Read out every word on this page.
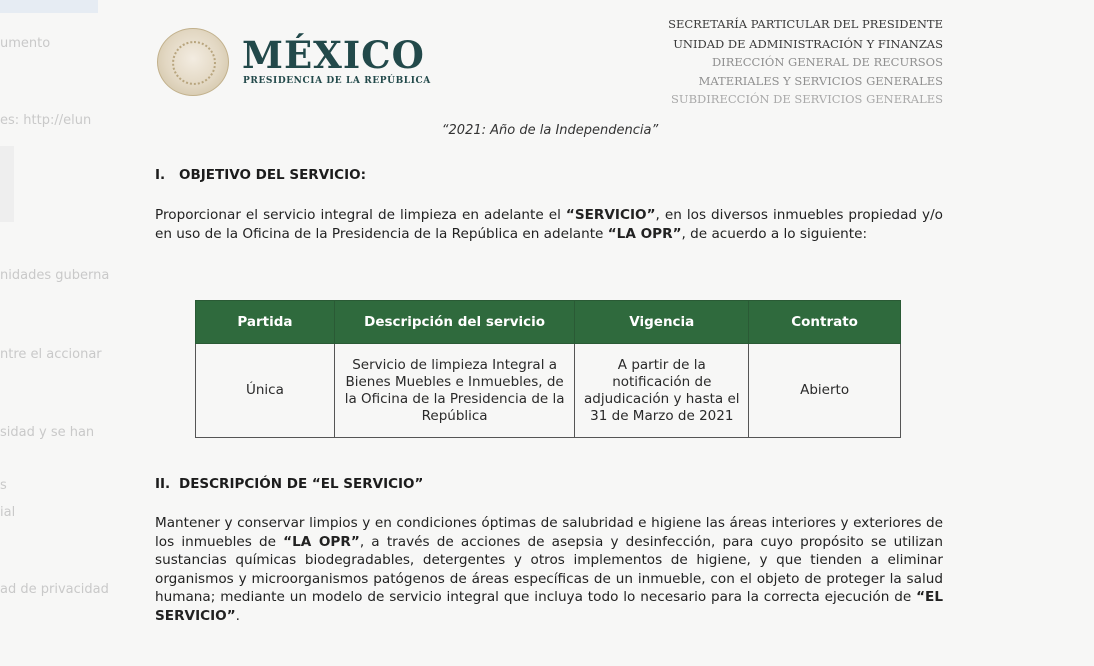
umento
es: http://elun
nidades guberna
ntre el accionar
sidad y se han
s
ial
ad de privacidad
MÉXICO
PRESIDENCIA DE LA REPÚBLICA
SECRETARÍA PARTICULAR DEL PRESIDENTE
UNIDAD DE ADMINISTRACIÓN Y FINANZAS
DIRECCIÓN GENERAL DE RECURSOS
MATERIALES Y SERVICIOS GENERALES
SUBDIRECCIÓN DE SERVICIOS GENERALES
“2021: Año de la Independencia”
I. OBJETIVO DEL SERVICIO:
Proporcionar el servicio integral de limpieza en adelante el “SERVICIO”, en los diversos inmuebles propiedad y/o en uso de la Oficina de la Presidencia de la República en adelante “LA OPR”, de acuerdo a lo siguiente:
Partida	Descripción del servicio	Vigencia	Contrato
Única	Servicio de limpieza Integral a Bienes Muebles e Inmuebles, de la Oficina de la Presidencia de la República	A partir de la notificación de adjudicación y hasta el 31 de Marzo de 2021	Abierto
II. DESCRIPCIÓN DE “EL SERVICIO”
Mantener y conservar limpios y en condiciones óptimas de salubridad e higiene las áreas interiores y exteriores de los inmuebles de “LA OPR”, a través de acciones de asepsia y desinfección, para cuyo propósito se utilizan sustancias químicas biodegradables, detergentes y otros implementos de higiene, y que tienden a eliminar organismos y microorganismos patógenos de áreas específicas de un inmueble, con el objeto de proteger la salud humana; mediante un modelo de servicio integral que incluya todo lo necesario para la correcta ejecución de “EL SERVICIO”.
